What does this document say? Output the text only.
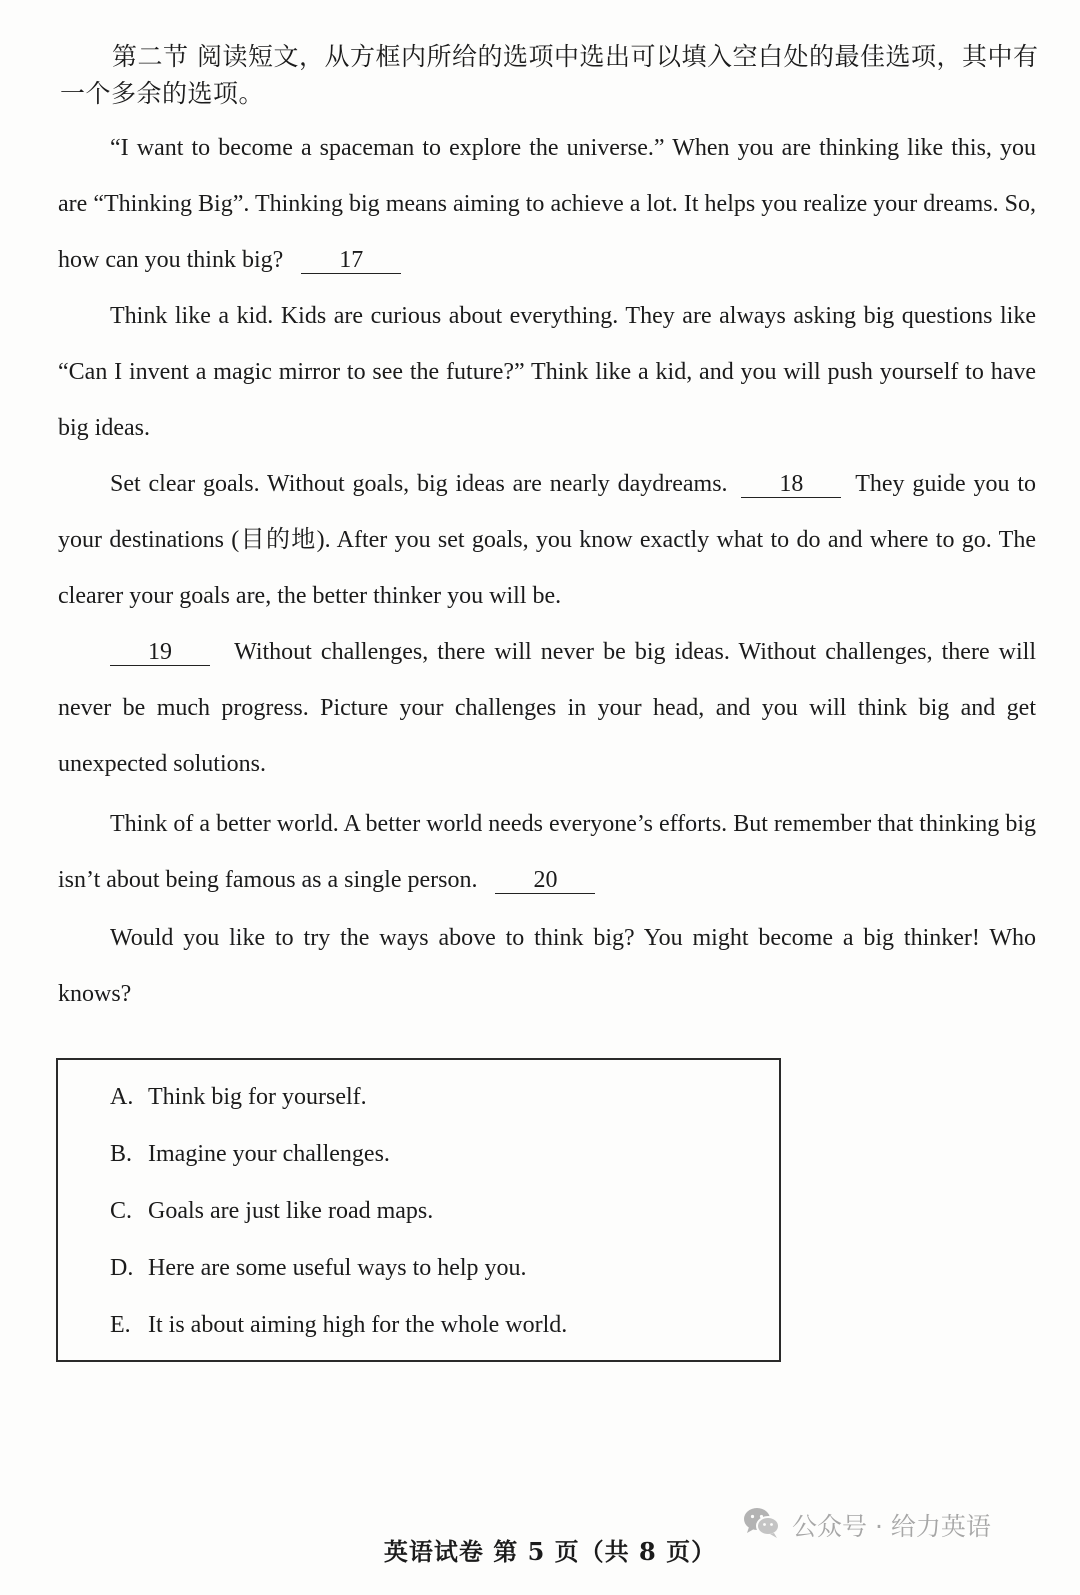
第二节 阅读短文，从方框内所给的选项中选出可以填入空白处的最佳选项，其中有一个多余的选项。
“I want to become a spaceman to explore the universe.” When you are thinking like this, you are “Thinking Big”. Thinking big means aiming to achieve a lot. It helps you realize your dreams. So, how can you think big? 17
Think like a kid. Kids are curious about everything. They are always asking big questions like “Can I invent a magic mirror to see the future?” Think like a kid, and you will push yourself to have big ideas.
Set clear goals. Without goals, big ideas are nearly daydreams. 18 They guide you to your destinations (目的地). After you set goals, you know exactly what to do and where to go. The clearer your goals are, the better thinker you will be.
19	Without challenges, there will never be big ideas. Without challenges, there will never be much progress. Picture your challenges in your head, and you will think big and get unexpected solutions.
Think of a better world. A better world needs everyone’s efforts. But remember that thinking big isn’t about being famous as a single person. 20
Would you like to try the ways above to think big? You might become a big thinker! Who knows?
A. Think big for yourself.
B. Imagine your challenges.
C. Goals are just like road maps.
D. Here are some useful ways to help you.
E. It is about aiming high for the whole world.
公众号 · 给力英语
英语试卷 第 5 页（共 8 页）
